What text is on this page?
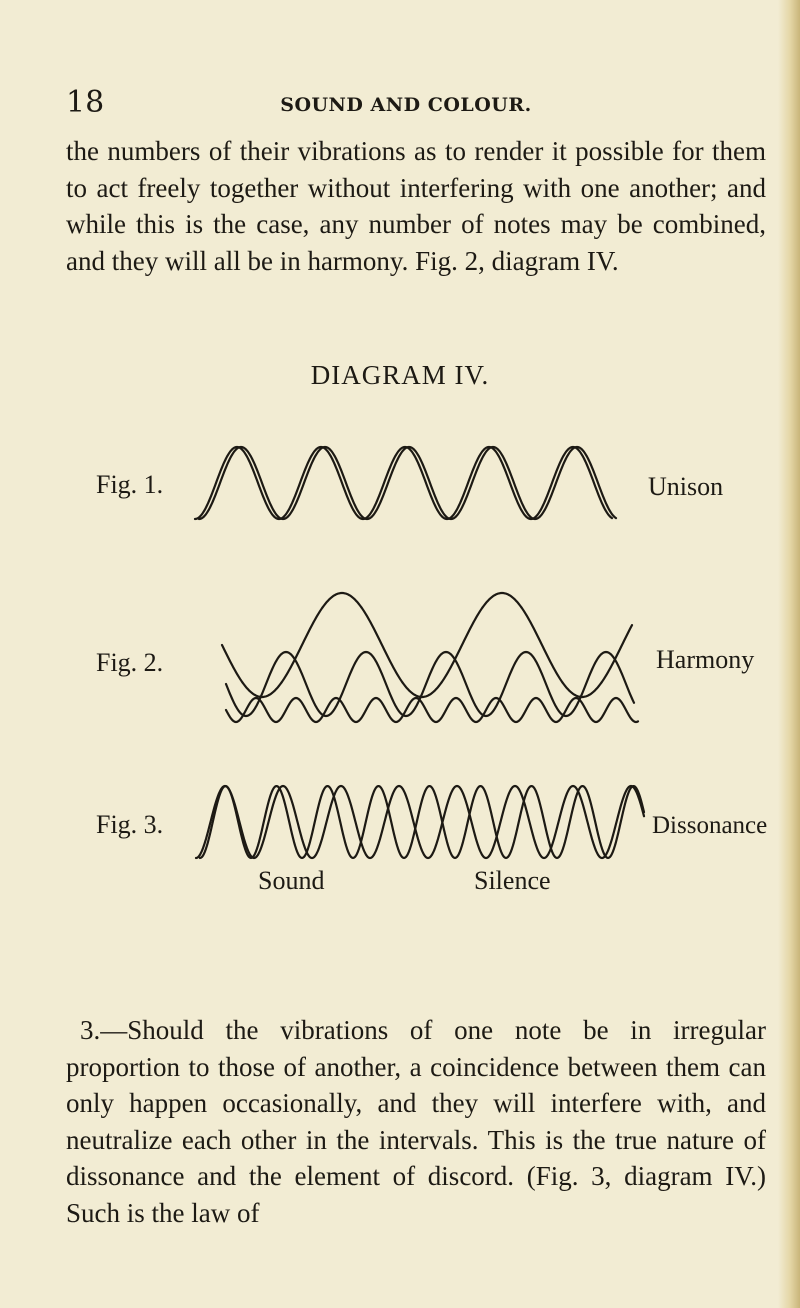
18	SOUND AND COLOUR.

the numbers of their vibrations as to render it possible for them to act freely together without interfering with one another; and while this is the case, any number of notes may be combined, and they will all be in harmony. Fig. 2, diagram IV.

DIAGRAM IV.
Fig. 1.	Unison
Fig. 2.	Harmony
Fig. 3.	Dissonance
Sound	Silence

3.—Should the vibrations of one note be in irregular proportion to those of another, a coincidence between them can only happen occasionally, and they will interfere with, and neutralize each other in the intervals. This is the true nature of dissonance and the element of discord. (Fig. 3, diagram IV.) Such is the law of
